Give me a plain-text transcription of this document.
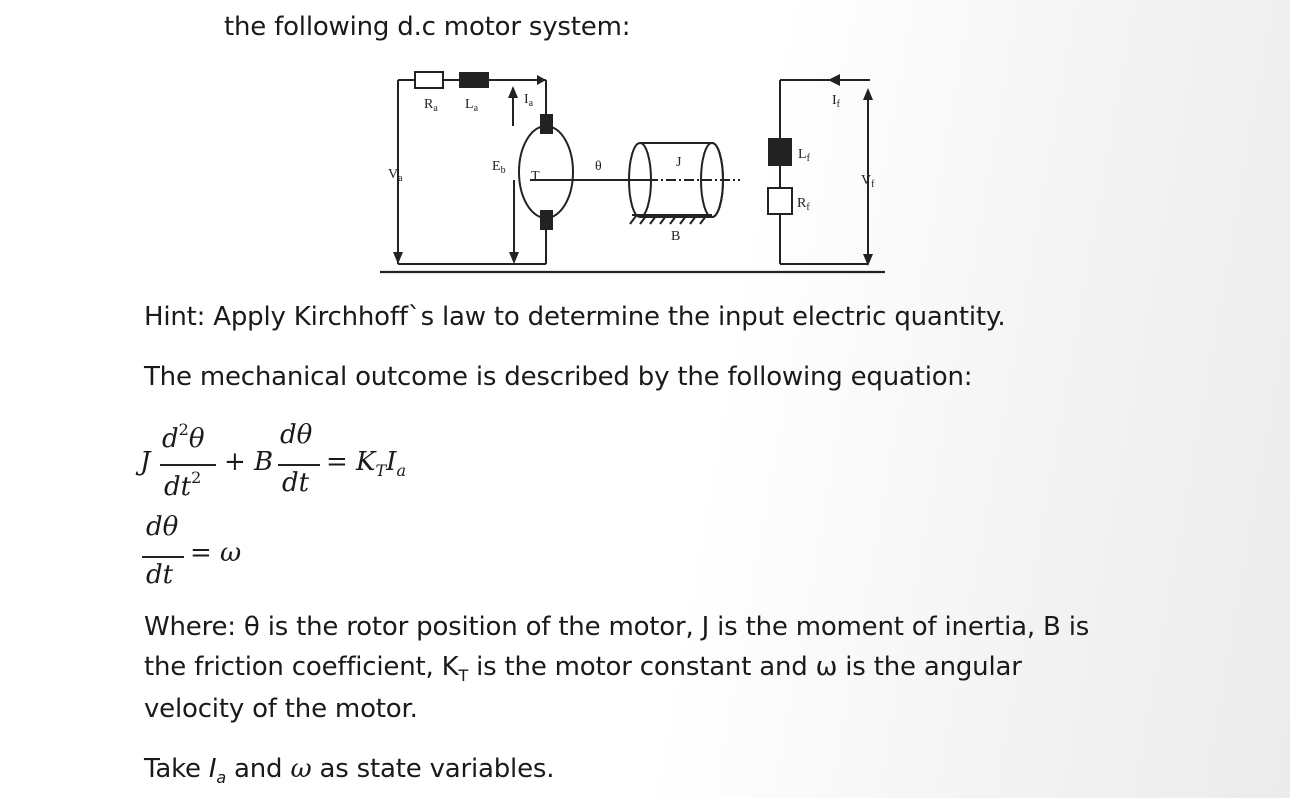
the following d.c motor system:
$R_a$ $L_a$
$I_a$
$V_a$
$E_b$ T
θ	J
B
$L_f$
$R_f$
$I_f$
$V_f$
Hint: Apply Kirchhoff`s law to determine the input electric quantity.
The mechanical outcome is described by the following equation:
J
$d^2\theta$
$dt^2$
+ B
dθ
dt
= $K_TI_a$
dθ
dt
= ω
Where: θ is the rotor position of the motor, J is the moment of inertia, B is
the friction coefficient, $K_T$ is the motor constant and ω is the angular
velocity of the motor.
Take $I_a$ and ω as state variables.
